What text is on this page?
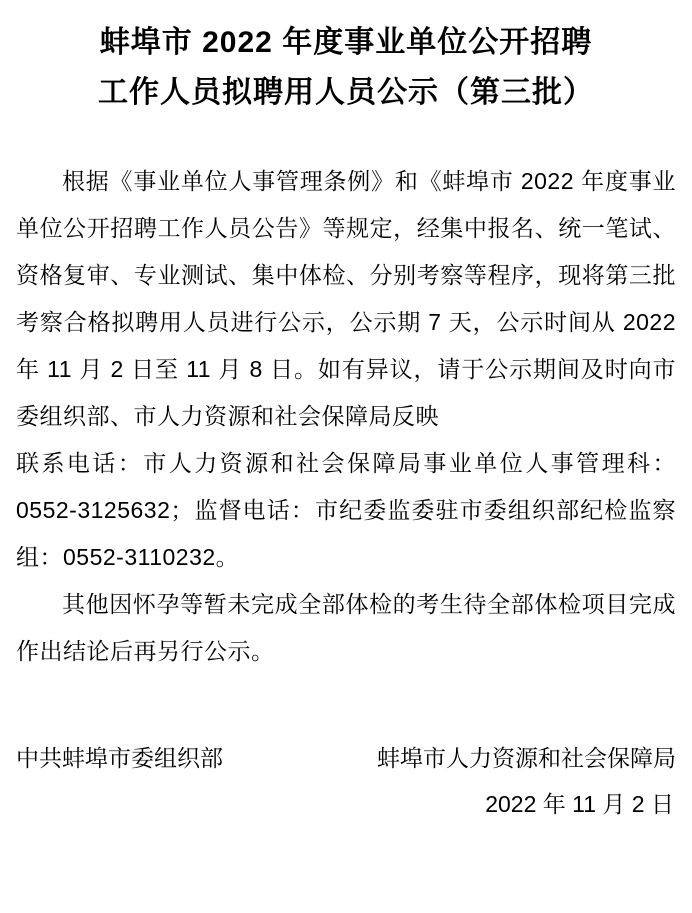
蚌埠市 2022 年度事业单位公开招聘
工作人员拟聘用人员公示（第三批）

根据《事业单位人事管理条例》和《蚌埠市 2022 年度事业单位公开招聘工作人员公告》等规定，经集中报名、统一笔试、资格复审、专业测试、集中体检、分别考察等程序，现将第三批考察合格拟聘用人员进行公示，公示期 7 天，公示时间从 2022 年 11 月 2 日至 11 月 8 日。如有异议，请于公示期间及时向市委组织部、市人力资源和社会保障局反映

联系电话：市人力资源和社会保障局事业单位人事管理科：0552-3125632；监督电话：市纪委监委驻市委组织部纪检监察组：0552-3110232。

其他因怀孕等暂未完成全部体检的考生待全部体检项目完成作出结论后再另行公示。

中共蚌埠市委组织部	蚌埠市人力资源和社会保障局
2022 年 11 月 2 日
